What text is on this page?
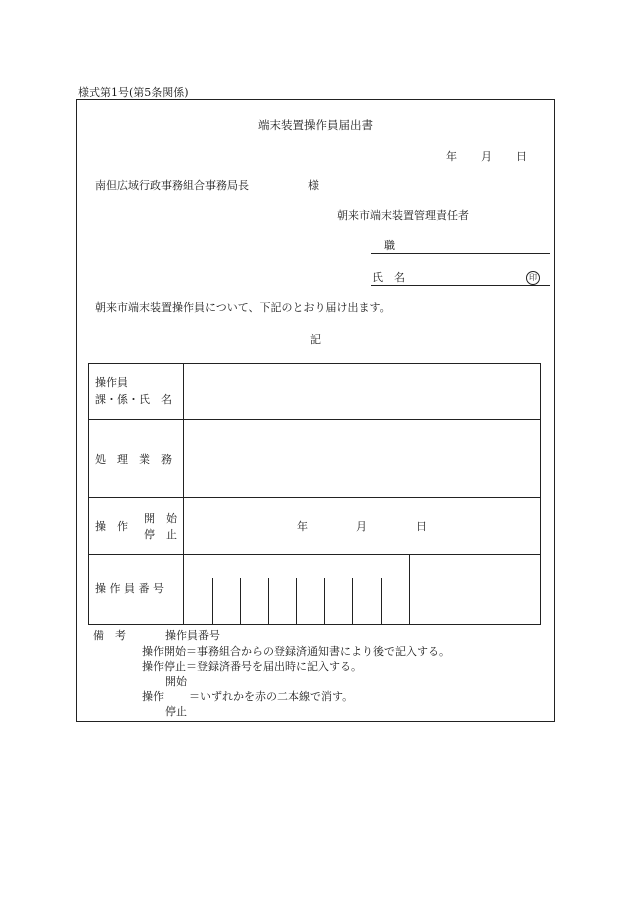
様式第1号(第5条関係)
端末装置操作員届出書
年 月 日
南但広域行政事務組合事務局長	様
朝来市端末装置管理責任者
職
氏　名	印
朝来市端末装置操作員について、下記のとおり届け出ます。
記
操作員
課・係・氏　名
処　理　業　務
操　作
開　始
停　止
年	月	日
操 作 員 番 号
備　考	操作員番号
操作開始＝事務組合からの登録済通知書により後で記入する。
操作停止＝登録済番号を届出時に記入する。
開始
操作 ＝いずれかを赤の二本線で消す。
停止
